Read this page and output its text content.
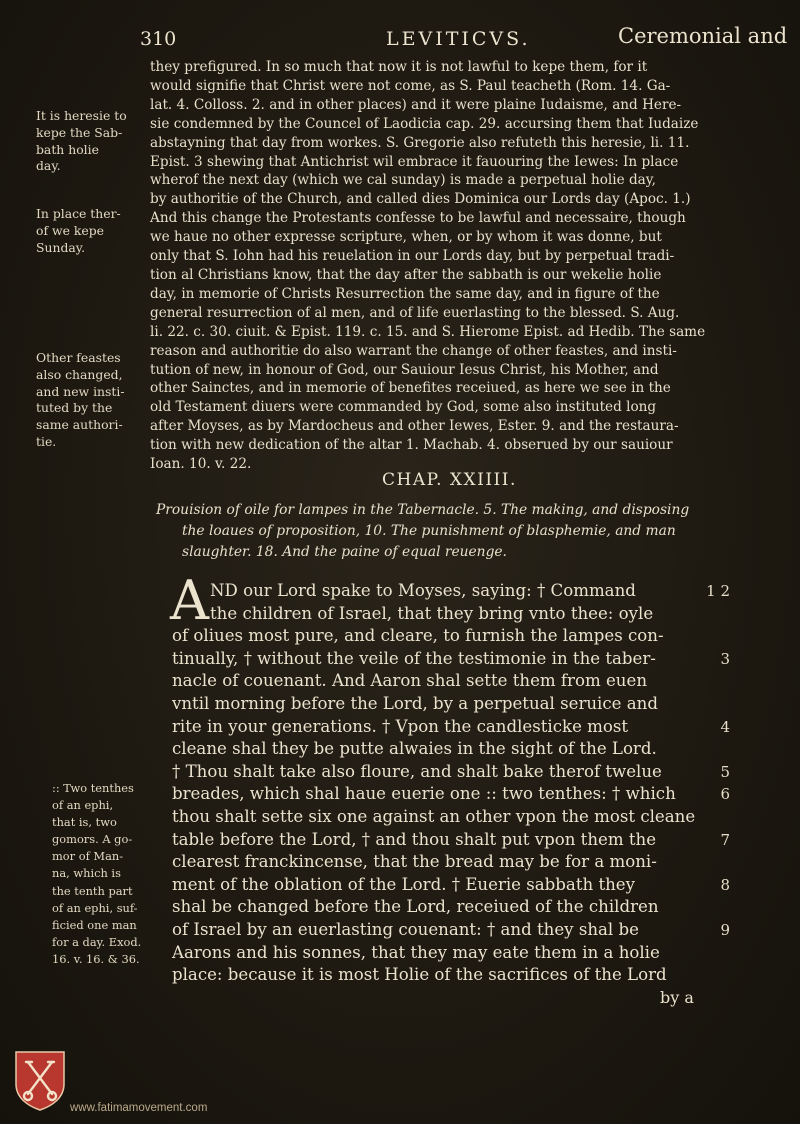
310	LEVITICVS.	Ceremonial and
they prefigured. In so much that now it is not lawful to kepe them, for it
would signifie that Christ were not come, as S. Paul teacheth (Rom. 14. Ga-
lat. 4. Colloss. 2. and in other places) and it were plaine Iudaisme, and Here-
sie condemned by the Councel of Laodicia cap. 29. accursing them that Iudaize
abstayning that day from workes. S. Gregorie also refuteth this heresie, li. 11.
Epist. 3 shewing that Antichrist wil embrace it fauouring the Iewes: In place
wherof the next day (which we cal sunday) is made a perpetual holie day,
by authoritie of the Church, and called dies Dominica our Lords day (Apoc. 1.)
And this change the Protestants confesse to be lawful and necessaire, though
we haue no other expresse scripture, when, or by whom it was donne, but
only that S. Iohn had his reuelation in our Lords day, but by perpetual tradi-
tion al Christians know, that the day after the sabbath is our wekelie holie
day, in memorie of Christs Resurrection the same day, and in figure of the
general resurrection of al men, and of life euerlasting to the blessed. S. Aug.
li. 22. c. 30. ciuit. & Epist. 119. c. 15. and S. Hierome Epist. ad Hedib. The same
reason and authoritie do also warrant the change of other feastes, and insti-
tution of new, in honour of God, our Sauiour Iesus Christ, his Mother, and
other Sainctes, and in memorie of benefites receiued, as here we see in the
old Testament diuers were commanded by God, some also instituted long
after Moyses, as by Mardocheus and other Iewes, Ester. 9. and the restaura-
tion with new dedication of the altar 1. Machab. 4. obserued by our sauiour
Ioan. 10. v. 22.
It is heresie to
kepe the Sab-
bath holie
day.
In place ther-
of we kepe
Sunday.
Other feastes
also changed,
and new insti-
tuted by the
same authori-
tie.
CHAP. XXIIII.
Prouision of oile for lampes in the Tabernacle. 5. The making, and disposing
the loaues of proposition, 10. The punishment of blasphemie, and man
slaughter. 18. And the paine of equal reuenge.
A ND our Lord spake to Moyses, saying: † Command
the children of Israel, that they bring vnto thee: oyle
of oliues most pure, and cleare, to furnish the lampes con-
tinually, † without the veile of the testimonie in the taber-
nacle of couenant. And Aaron shal sette them from euen
vntil morning before the Lord, by a perpetual seruice and
rite in your generations. † Vpon the candlesticke most
cleane shal they be putte alwaies in the sight of the Lord.
† Thou shalt take also floure, and shalt bake therof twelue
breades, which shal haue euerie one :: two tenthes: † which
thou shalt sette six one against an other vpon the most cleane
table before the Lord, † and thou shalt put vpon them the
clearest franckincense, that the bread may be for a moni-
ment of the oblation of the Lord. † Euerie sabbath they
shal be changed before the Lord, receiued of the children
of Israel by an euerlasting couenant: † and they shal be
Aarons and his sonnes, that they may eate them in a holie
place: because it is most Holie of the sacrifices of the Lord
1 2
3
4
5
6
7
8
9
:: Two tenthes
of an ephi,
that is, two
gomors. A go-
mor of Man-
na, which is
the tenth part
of an ephi, suf-
ficied one man
for a day. Exod.
16. v. 16. & 36.
by a
www.fatimamovement.com
